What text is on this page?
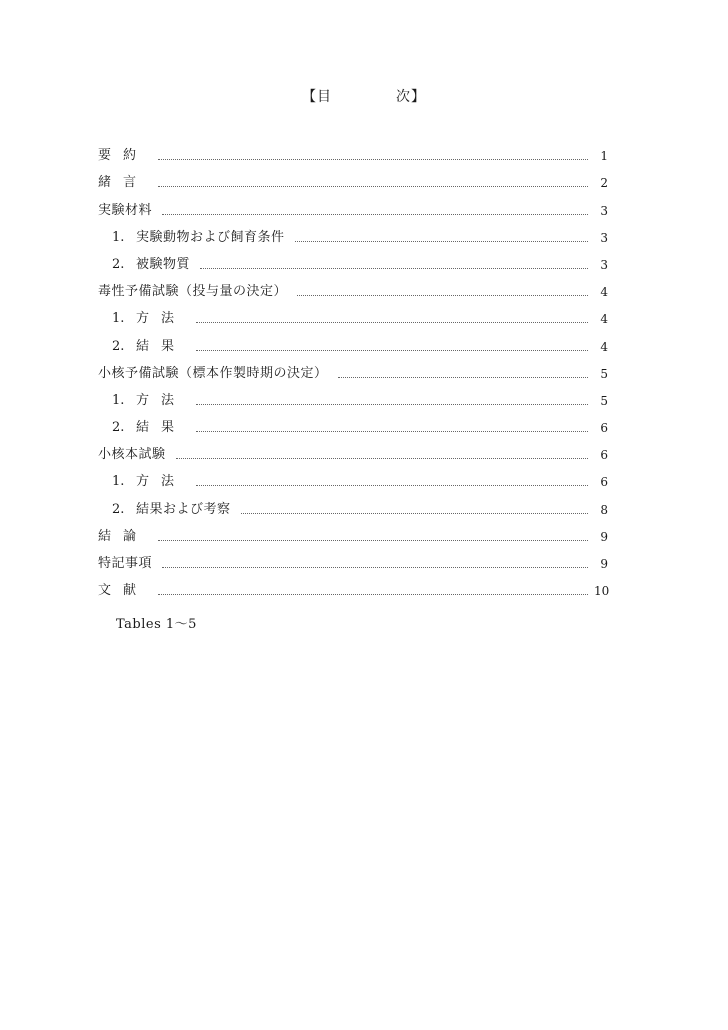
【目	次】
要約	1
緒言	2
実験材料	3
1. 実験動物および飼育条件	3
2. 被験物質	3
毒性予備試験（投与量の決定）	4
1. 方法	4
2. 結果	4
小核予備試験（標本作製時期の決定）	5
1. 方法	5
2. 結果	6
小核本試験	6
1. 方法	6
2. 結果および考察	8
結論	9
特記事項	9
文献	10
Tables 1～5
